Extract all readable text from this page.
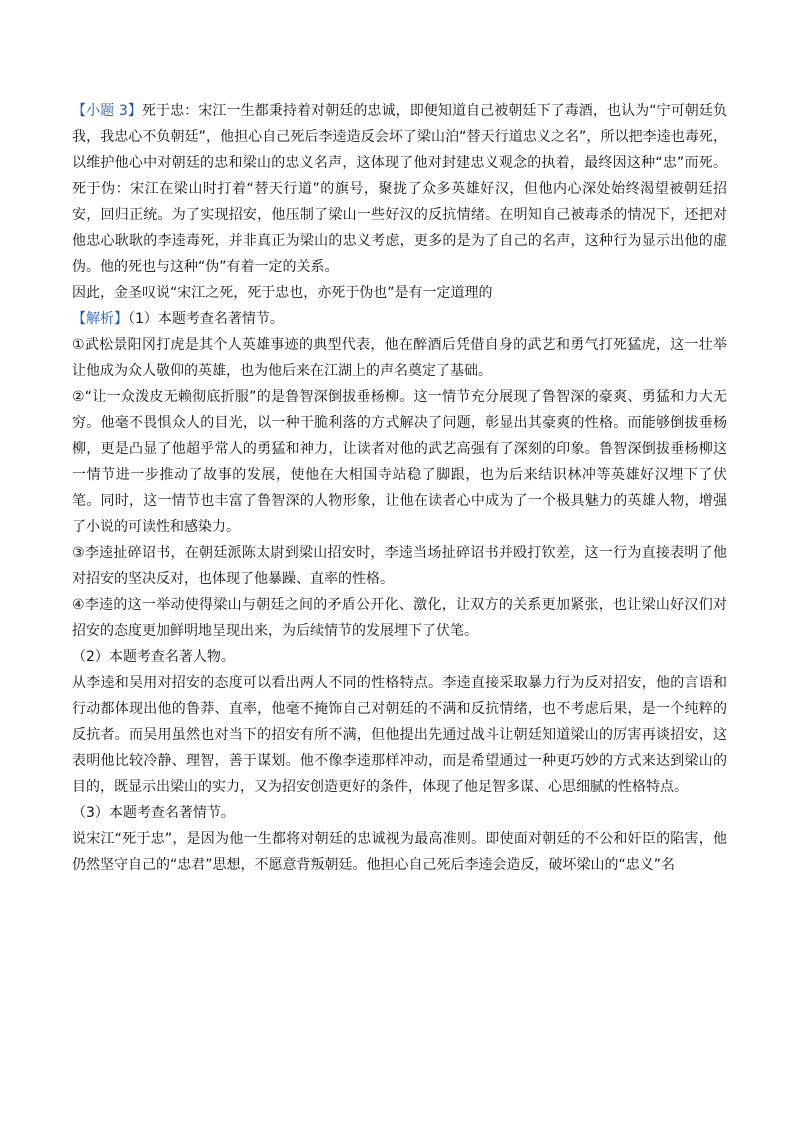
【小题 3】死于忠：宋江一生都秉持着对朝廷的忠诚，即便知道自己被朝廷下了毒酒，也认为“宁可朝廷负我，我忠心不负朝廷”，他担心自己死后李逵造反会坏了梁山泊“替天行道忠义之名”，所以把李逵也毒死，以维护他心中对朝廷的忠和梁山的忠义名声，这体现了他对封建忠义观念的执着，最终因这种“忠”而死。死于伪：宋江在梁山时打着“替天行道”的旗号，聚拢了众多英雄好汉，但他内心深处始终渴望被朝廷招安，回归正统。为了实现招安，他压制了梁山一些好汉的反抗情绪。在明知自己被毒杀的情况下，还把对他忠心耿耿的李逵毒死，并非真正为梁山的忠义考虑，更多的是为了自己的名声，这种行为显示出他的虚伪。他的死也与这种“伪”有着一定的关系。

因此，金圣叹说“宋江之死，死于忠也，亦死于伪也”是有一定道理的

【解析】（1）本题考查名著情节。

①武松景阳冈打虎是其个人英雄事迹的典型代表，他在醉酒后凭借自身的武艺和勇气打死猛虎，这一壮举让他成为众人敬仰的英雄，也为他后来在江湖上的声名奠定了基础。

②“让一众泼皮无赖彻底折服”的是鲁智深倒拔垂杨柳。这一情节充分展现了鲁智深的豪爽、勇猛和力大无穷。他毫不畏惧众人的目光，以一种干脆利落的方式解决了问题，彰显出其豪爽的性格。而能够倒拔垂杨柳，更是凸显了他超乎常人的勇猛和神力，让读者对他的武艺高强有了深刻的印象。鲁智深倒拔垂杨柳这一情节进一步推动了故事的发展，使他在大相国寺站稳了脚跟，也为后来结识林冲等英雄好汉埋下了伏笔。同时，这一情节也丰富了鲁智深的人物形象，让他在读者心中成为了一个极具魅力的英雄人物，增强了小说的可读性和感染力。

③李逵扯碎诏书，在朝廷派陈太尉到梁山招安时，李逵当场扯碎诏书并殴打钦差，这一行为直接表明了他对招安的坚决反对，也体现了他暴躁、直率的性格。

④李逵的这一举动使得梁山与朝廷之间的矛盾公开化、激化，让双方的关系更加紧张，也让梁山好汉们对招安的态度更加鲜明地呈现出来，为后续情节的发展埋下了伏笔。

（2）本题考查名著人物。

从李逵和吴用对招安的态度可以看出两人不同的性格特点。李逵直接采取暴力行为反对招安，他的言语和行动都体现出他的鲁莽、直率，他毫不掩饰自己对朝廷的不满和反抗情绪，也不考虑后果，是一个纯粹的反抗者。而吴用虽然也对当下的招安有所不满，但他提出先通过战斗让朝廷知道梁山的厉害再谈招安，这表明他比较冷静、理智，善于谋划。他不像李逵那样冲动，而是希望通过一种更巧妙的方式来达到梁山的目的，既显示出梁山的实力，又为招安创造更好的条件，体现了他足智多谋、心思细腻的性格特点。

（3）本题考查名著情节。

说宋江“死于忠”，是因为他一生都将对朝廷的忠诚视为最高准则。即使面对朝廷的不公和奸臣的陷害，他仍然坚守自己的“忠君”思想，不愿意背叛朝廷。他担心自己死后李逵会造反，破坏梁山的“忠义”名
